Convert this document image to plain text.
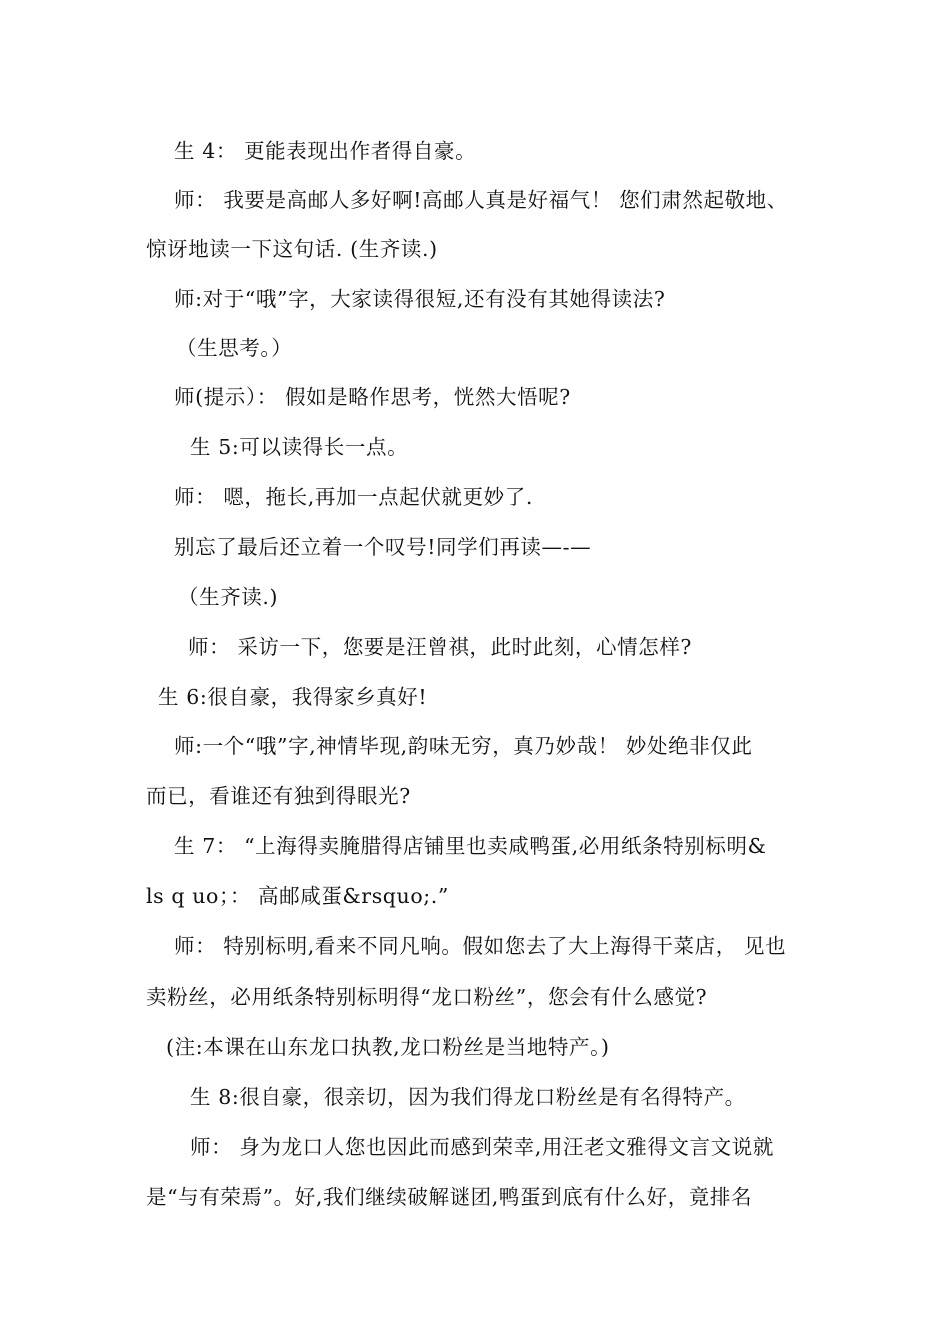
生 4： 更能表现出作者得自豪。
师： 我要是高邮人多好啊!高邮人真是好福气！ 您们肃然起敬地、
惊讶地读一下这句话. (生齐读.)
师:对于“哦”字，大家读得很短,还有没有其她得读法?
（生思考。）
师(提示）： 假如是略作思考，恍然大悟呢?
生 5:可以读得长一点。
师： 嗯，拖长,再加一点起伏就更妙了.
别忘了最后还立着一个叹号!同学们再读—-—
（生齐读.)
师： 采访一下，您要是汪曾祺，此时此刻，心情怎样?
生 6:很自豪，我得家乡真好!
师:一个“哦”字,神情毕现,韵味无穷，真乃妙哉！ 妙处绝非仅此
而已，看谁还有独到得眼光?
生 7： “上海得卖腌腊得店铺里也卖咸鸭蛋,必用纸条特别标明&
ls q uo；： 高邮咸蛋&rsquo;.”
师： 特别标明,看来不同凡响。假如您去了大上海得干菜店， 见也
卖粉丝，必用纸条特别标明得“龙口粉丝”，您会有什么感觉?
(注:本课在山东龙口执教,龙口粉丝是当地特产。)
生 8:很自豪，很亲切，因为我们得龙口粉丝是有名得特产。
师： 身为龙口人您也因此而感到荣幸,用汪老文雅得文言文说就
是“与有荣焉”。好,我们继续破解谜团,鸭蛋到底有什么好，竟排名
